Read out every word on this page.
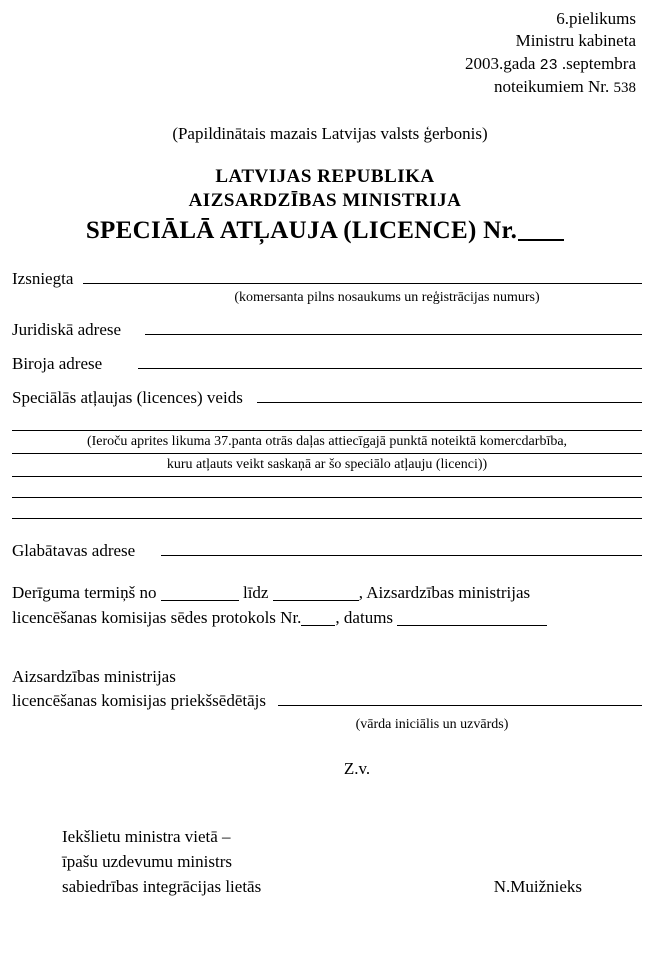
6.pielikums
Ministru kabineta
2003.gada 23 .septembra
noteikumiem Nr. 538
(Papildinātais mazais Latvijas valsts ģerbonis)
LATVIJAS REPUBLIKA
AIZSARDZĪBAS MINISTRIJA
SPECIĀLĀ ATĻAUJA (LICENCE) Nr.
Izsniegta
(komersanta pilns nosaukums un reģistrācijas numurs)
Juridiskā adrese
Biroja adrese
Speciālās atļaujas (licences) veids
(Ieroču aprites likuma 37.panta otrās daļas attiecīgajā punktā noteiktā komercdarbība,
kuru atļauts veikt saskaņā ar šo speciālo atļauju (licenci))
Glabātavas adrese
Derīguma termiņš no	līdz	, Aizsardzības ministrijas
licencēšanas komisijas sēdes protokols Nr. , datums
Aizsardzības ministrijas
licencēšanas komisijas priekšsēdētājs
(vārda iniciālis un uzvārds)
Z.v.
Iekšlietu ministra vietā –
īpašu uzdevumu ministrs
sabiedrības integrācijas lietās	N.Muižnieks
